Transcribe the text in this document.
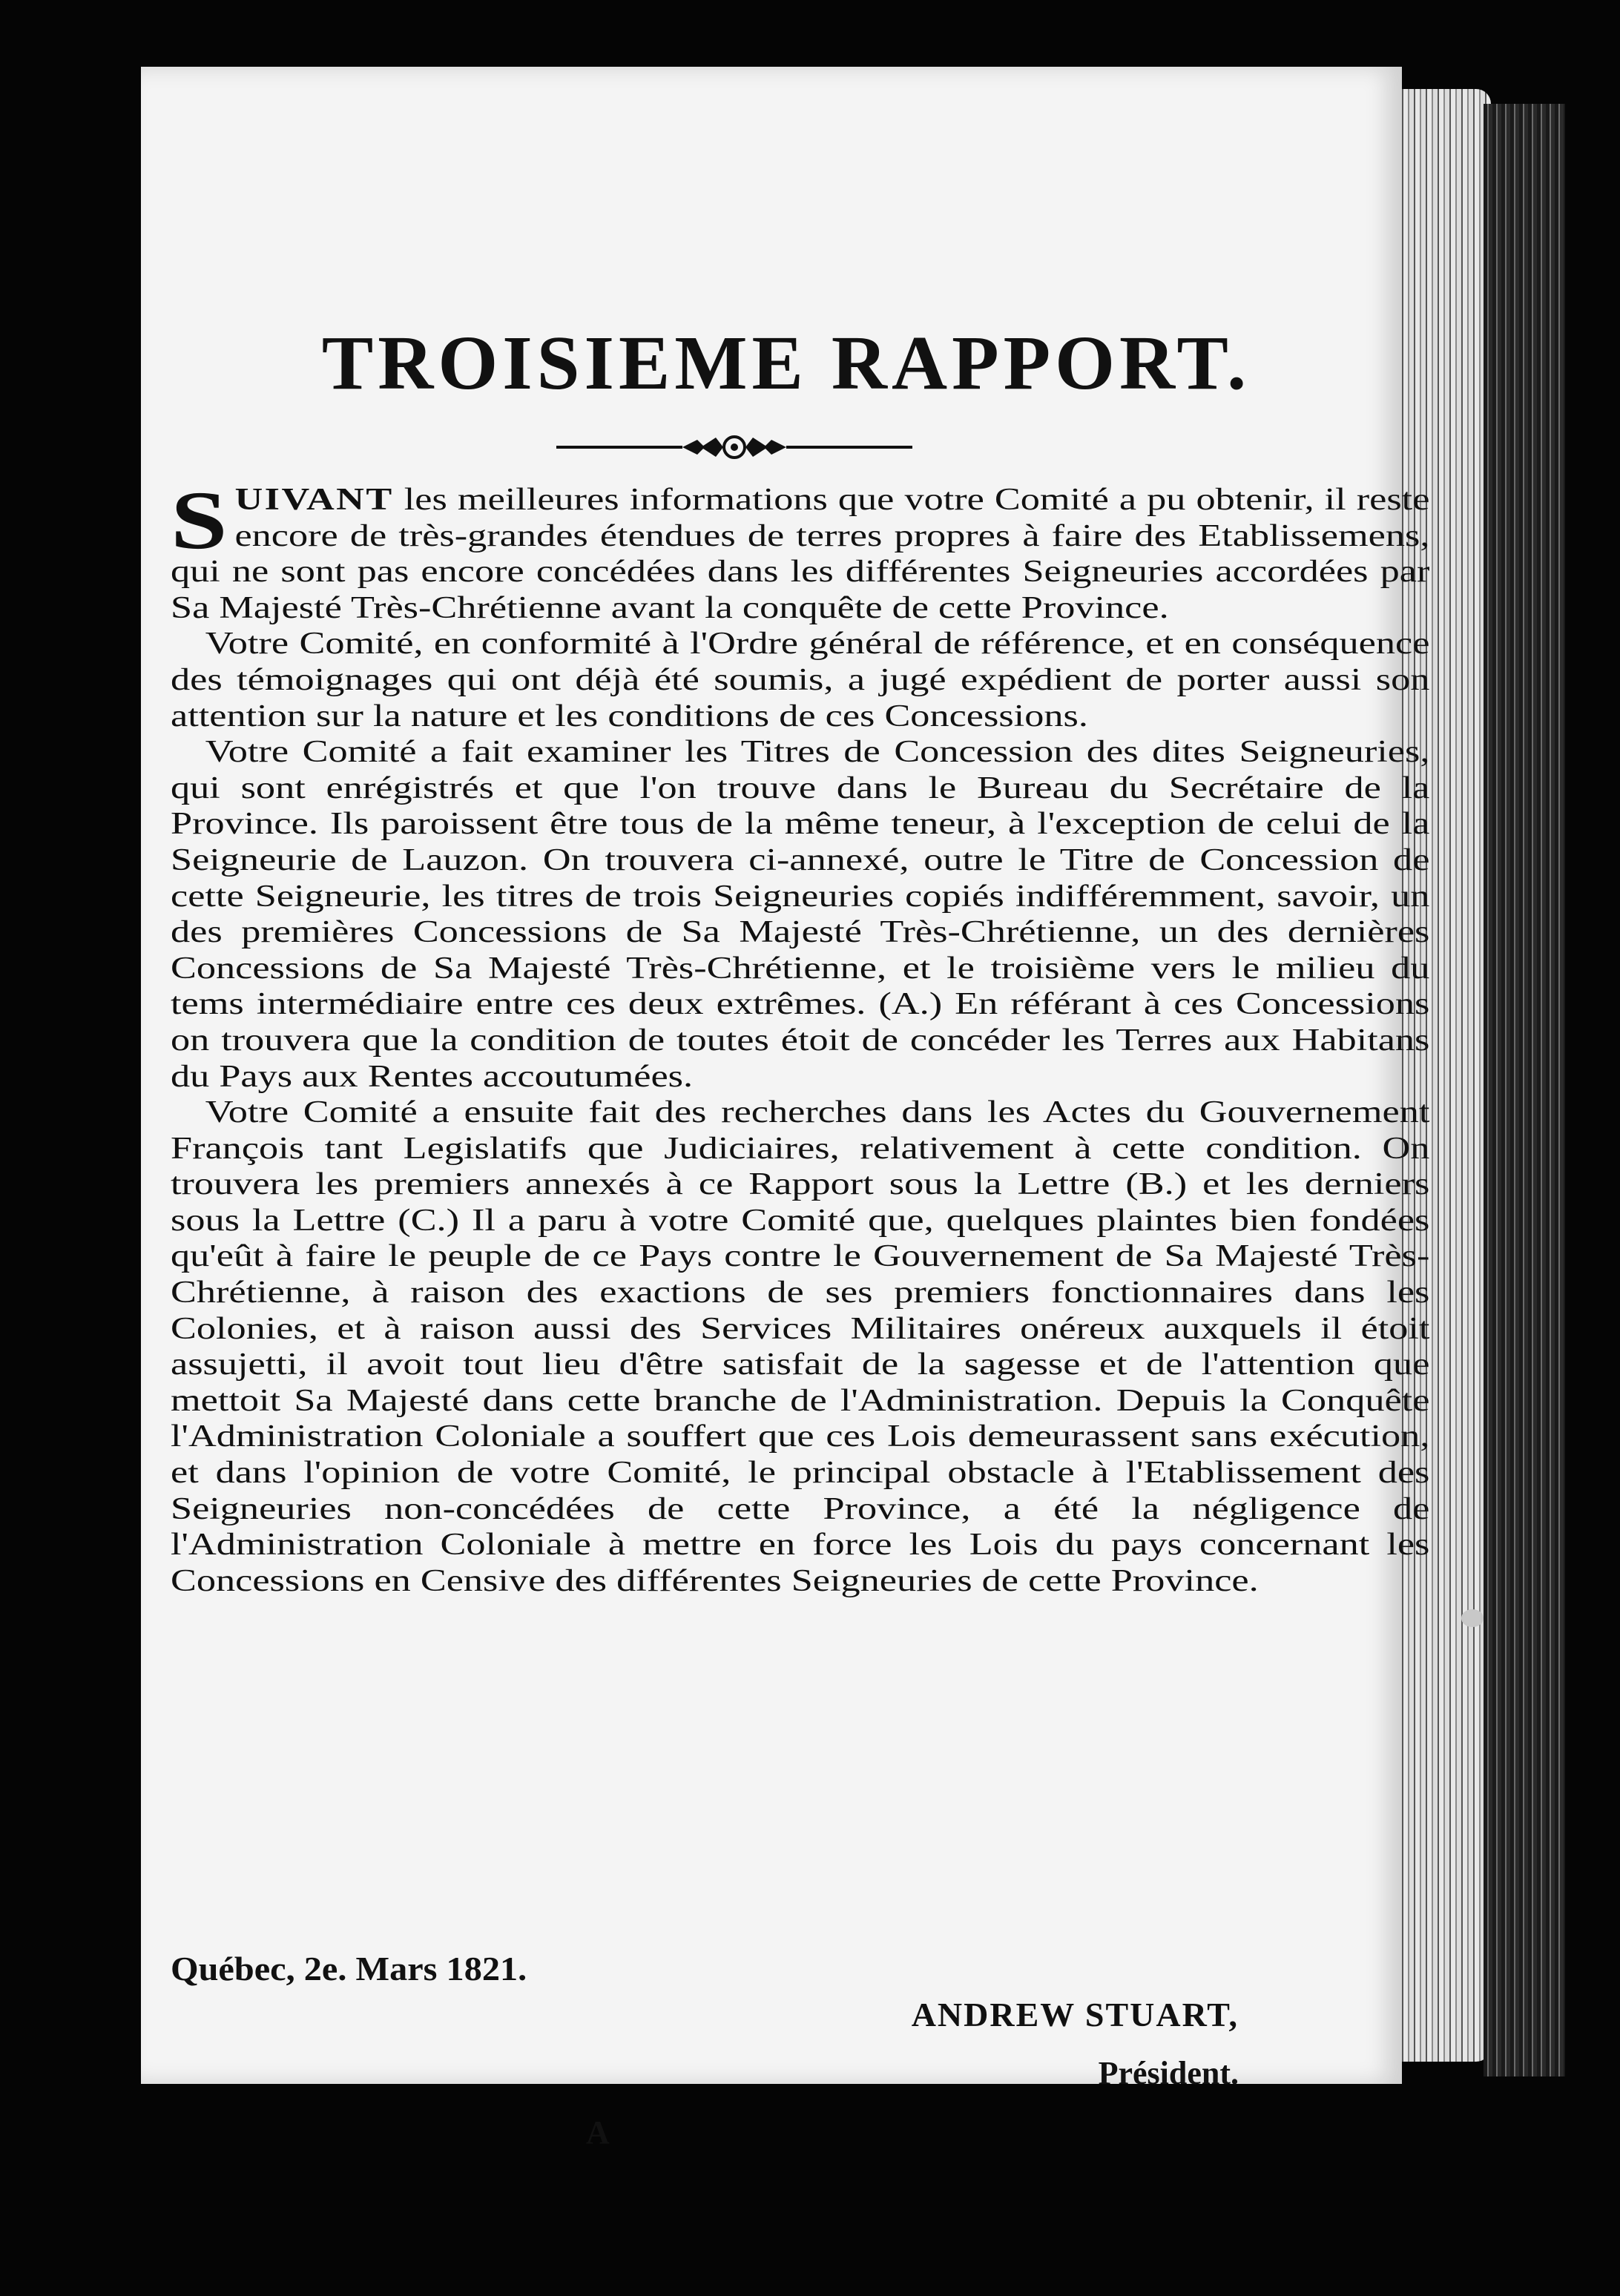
TROISIEME RAPPORT.

SUIVANT les meilleures informations que votre Comité a pu obtenir, il reste encore de très-grandes étendues de terres propres à faire des Etablissemens, qui ne sont pas encore concédées dans les différentes Seigneuries accordées par Sa Majesté Très-Chrétienne avant la conquête de cette Province.

Votre Comité, en conformité à l'Ordre général de référence, et en conséquence des témoignages qui ont déjà été soumis, a jugé expédient de porter aussi son attention sur la nature et les conditions de ces Concessions.

Votre Comité a fait examiner les Titres de Concession des dites Seigneuries, qui sont enrégistrés et que l'on trouve dans le Bureau du Secrétaire de la Province. Ils paroissent être tous de la même teneur, à l'exception de celui de la Seigneurie de Lauzon. On trouvera ci-annexé, outre le Titre de Concession de cette Seigneurie, les titres de trois Seigneuries copiés indifféremment, savoir, un des premières Concessions de Sa Majesté Très-Chrétienne, un des dernières Concessions de Sa Majesté Très-Chrétienne, et le troisième vers le milieu du tems intermédiaire entre ces deux extrêmes. (A.) En référant à ces Concessions on trouvera que la condition de toutes étoit de concéder les Terres aux Habitans du Pays aux Rentes accoutumées.

Votre Comité a ensuite fait des recherches dans les Actes du Gouvernement François tant Legislatifs que Judiciaires, relativement à cette condition. On trouvera les premiers annexés à ce Rapport sous la Lettre (B.) et les derniers sous la Lettre (C.) Il a paru à votre Comité que, quelques plaintes bien fondées qu'eût à faire le peuple de ce Pays contre le Gouvernement de Sa Majesté Très-Chrétienne, à raison des exactions de ses premiers fonctionnaires dans les Colonies, et à raison aussi des Services Militaires onéreux auxquels il étoit assujetti, il avoit tout lieu d'être satisfait de la sagesse et de l'attention que mettoit Sa Majesté dans cette branche de l'Administration. Depuis la Conquête l'Administration Coloniale a souffert que ces Lois demeurassent sans exécution, et dans l'opinion de votre Comité, le principal obstacle à l'Etablissement des Seigneuries non-concédées de cette Province, a été la négligence de l'Administration Coloniale à mettre en force les Lois du pays concernant les Concessions en Censive des différentes Seigneuries de cette Province.

Québec, 2e. Mars 1821.
ANDREW STUART,
Président.
A
